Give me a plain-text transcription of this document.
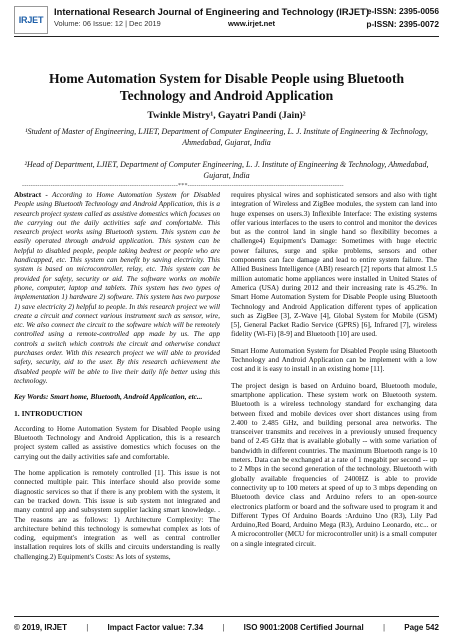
IRJET
International Research Journal of Engineering and Technology (IRJET)
e-ISSN: 2395-0056
Volume: 06 Issue: 12 | Dec 2019	www.irjet.net	p-ISSN: 2395-0072
Home Automation System for Disable People using Bluetooth Technology and Android Application
Twinkle Mistry¹, Gayatri Pandi (Jain)²
¹Student of Master of Engineering, LJIET, Department of Computer Engineering, L. J. Institute of Engineering & Technology, Ahmedabad, Gujarat, India
²Head of Department, LJIET, Department of Computer Engineering, L. J. Institute of Engineering & Technology, Ahmedabad, Gujarat, India
-----------------------------------------------------------------------***-----------------------------------------------------------------------

Abstract - According to Home Automation System for Disabled People using Bluetooth Technology and Android Application, this is a research project system called as assistive domestics which focuses on the carrying out the daily activities safe and comfortable. This research project works using Bluetooth system. This system can be easily operated through android application. This system can be helpful to disabled people, people taking bedrest or people who are handicapped, etc. This system can benefit by saving electricity. This system is based on microcontroller, relay, etc. This system can be provided for safety, security or aid. The software works on mobile phone, computer, laptop and tablets. This system has two types of implementation 1) hardware 2) software. This system has two purpose 1) save electricity 2) helpful to people. In this research project we will create a circuit and connect various instrument such as sensor, wire, etc. We also connect the circuit to the software which will be remotely controlled using a remote-controlled app made by us. The app controls a switch which controls the circuit and otherwise conduct purchases order. With this research project we will able to provided safety, security, aid to the user. By this research achievement the disabled people will be able to live their daily life better using this technology.

Key Words: Smart home, Bluetooth, Android Application, etc...

1. INTRODUCTION

According to Home Automation System for Disabled People using Bluetooth Technology and Android Application, this is a research project system called as assistive domestics which focuses on the carrying out the daily activities safe and comfortable.

The home application is remotely controlled [1]. This issue is not connected multiple pair. This interface should also provide some diagnostic services so that if there is any problem with the system, it can be tracked down. This issue is sub system not integrated and many control app and subsystem supplier lacking smart knowledge. . The reasons are as follows: 1) Architecture Complexity: The architecture behind this technology is somewhat complex as lots of coding, equipment's integration as well as central controller installation requires lots of skills and circuits understanding is really challenging.2) Equipment's Costs: As lots of systems,

requires physical wires and sophisticated sensors and also with tight integration of Wireless and ZigBee modules, the system can land into huge expenses on users.3) Inflexible Interface: The existing systems offer various interfaces to the users to control and monitor the devices but as the control land in single hand so flexibility becomes a challenge4) Equipment's Damage: Sometimes with huge electric power failures, surge and spike problems, sensors and other components can face damage and lead to entire system failure. The Allied Business Intelligence (ABI) research [2] reports that almost 1.5 million automatic home appliances were installed in United States of America (USA) during 2012 and their increasing rate is 45.2%. In Smart Home Automation System for Disable People using Bluetooth Technology and Android Application different types of application such as ZigBee [3], Z-Wave [4], Global System for Mobile (GSM) [5], General Packet Radio Service (GPRS) [6], Infrared [7], wireless fidelity (Wi-Fi) [8-9] and Bluetooth [10] are used.

Smart Home Automation System for Disabled People using Bluetooth Technology and Android Application can be implement with a low cost and it is easy to install in an existing home [11].

The project design is based on Arduino board, Bluetooth module, smartphone application. These system work on Bluetooth system. Bluetooth is a wireless technology standard for exchanging data between fixed and mobile devices over short distances using from 2.400 to 2.485 GHz, and building personal area networks. The transceiver transmits and receives in a previously unused frequency band of 2.45 GHz that is available globally -- with some variation of bandwidth in different countries. The maximum Bluetooth range is 10 meters. Data can be exchanged at a rate of 1 megabit per second -- up to 2 Mbps in the second generation of the technology. Bluetooth with globally available frequencies of 2400HZ is able to provide connectivity up to 100 meters at speed of up to 3 mbps depending on Bluetooth device class and Arduino refers to an open-source electronics platform or board and the software used to program it and Different Types Of Arduino Boards :Arduino Uno (R3), Lily Pad Arduino,Red Board, Arduino Mega (R3), Arduino Leonardo, etc... or A microcontroller (MCU for microcontroller unit) is a small computer on a single integrated circuit.

© 2019, IRJET | Impact Factor value: 7.34 | ISO 9001:2008 Certified Journal | Page 542
